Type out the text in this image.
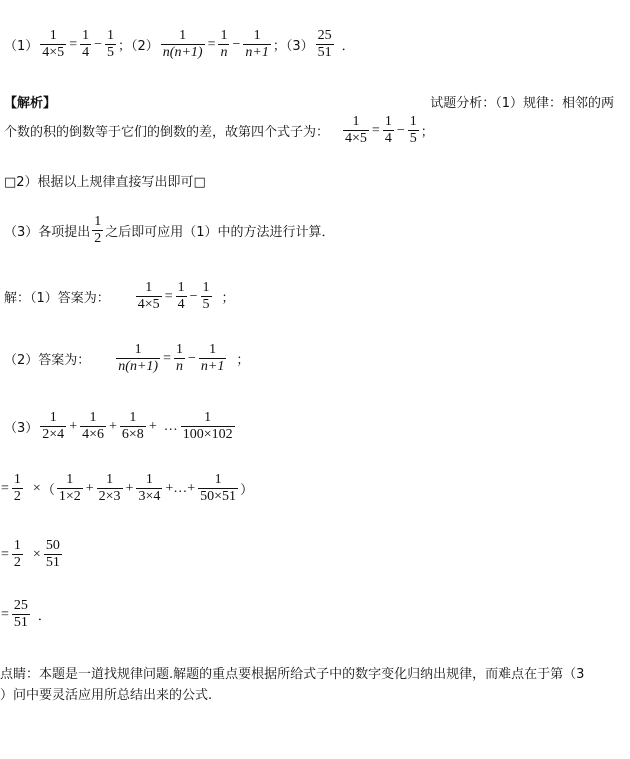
$(1) \frac{1}{4\times 5} = \frac{1}{4} - \frac{1}{5}$ ；$(2) \frac{1}{n(n+1)} = \frac{1}{n} - \frac{1}{n+1}$ ；$(3) \frac{25}{51}$ ．
【解析】	试题分析：（1）规律：相邻的两
个数的积的倒数等于它们的倒数的差，故第四个式子为： $\frac{1}{4\times 5} = \frac{1}{4} - \frac{1}{5}$ ；
□2）根据以上规律直接写出即可□
（3）各项提出 $\frac{1}{2}$ 之后即可应用（1）中的方法进行计算．
解：（1）答案为： $\frac{1}{4\times 5} = \frac{1}{4} - \frac{1}{5}$ ；
（2）答案为： $\frac{1}{n(n+1)} = \frac{1}{n} - \frac{1}{n+1}$ ；
$(3) \frac{1}{2\times 4} + \frac{1}{4\times 6} + \frac{1}{6\times 8}$ + … $\frac{1}{100\times 102}$
= $\frac{1}{2}$ × （ $\frac{1}{1\times 2} + \frac{1}{2\times 3} + \frac{1}{3\times 4}$ +…+ $\frac{1}{50\times 51}$ ）
= $\frac{1}{2} \times \frac{50}{51}$
= $\frac{25}{51}$ ．
点睛：本题是一道找规律问题.解题的重点要根据所给式子中的数字变化归纳出规律，而难点在于第（3
）问中要灵活应用所总结出来的公式.
